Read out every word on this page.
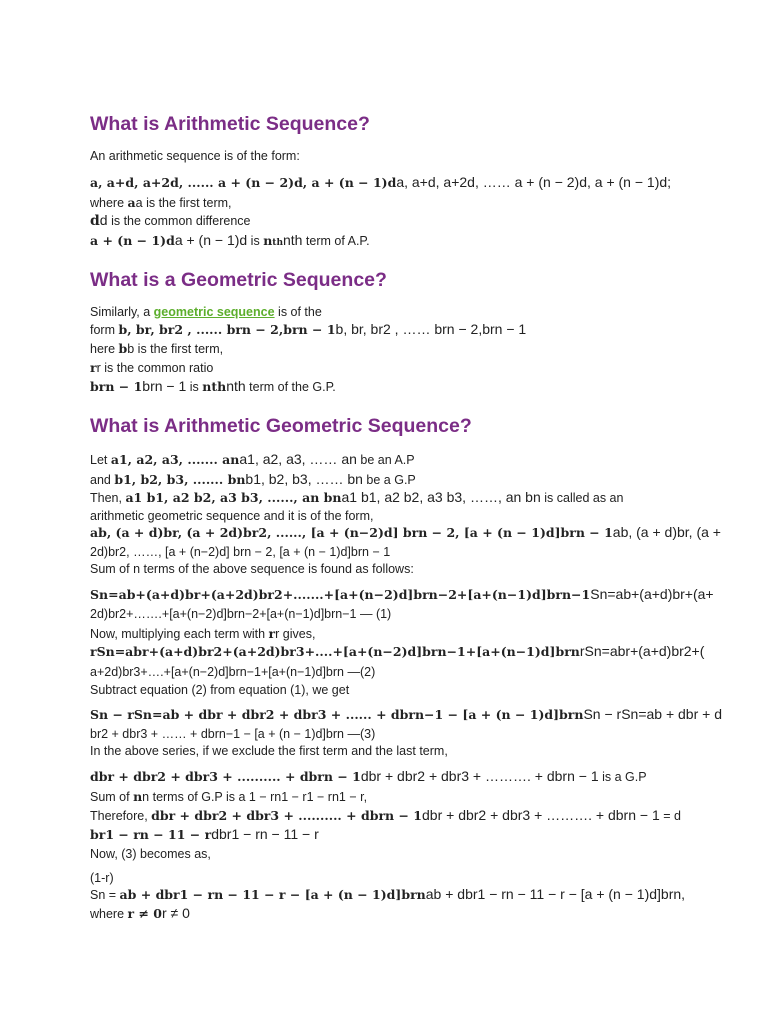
What is Arithmetic Sequence?
An arithmetic sequence is of the form:
a, a+d, a+2d, ...... a + (n − 2)d, a + (n − 1)da, a+d, a+2d, …… a + (n − 2)d, a + (n − 1)d;
where aa is the first term,
dd is the common difference
a + (n − 1)da + (n − 1)d is nthnth term of A.P.
What is a Geometric Sequence?
Similarly, a geometric sequence is of the
form b, br, br2 , ...... brn − 2,brn − 1b, br, br2 , …… brn − 2,brn − 1
here bb is the first term,
rr is the common ratio
brn − 1brn − 1 is nthnth term of the G.P.
What is Arithmetic Geometric Sequence?
Let a1, a2, a3, ....... ana1, a2, a3, …… an be an A.P
and b1, b2, b3, ....... bnb1, b2, b3, …… bn be a G.P
Then, a1 b1, a2 b2, a3 b3, ......, an bna1 b1, a2 b2, a3 b3, ……, an bn is called as an
arithmetic geometric sequence and it is of the form,
ab, (a + d)br, (a + 2d)br2, ......, [a + (n−2)d] brn − 2, [a + (n − 1)d]brn − 1ab, (a + d)br, (a +
2d)br2, ……, [a + (n−2)d] brn − 2, [a + (n − 1)d]brn − 1
Sum of n terms of the above sequence is found as follows:
Sn=ab+(a+d)br+(a+2d)br2+.......+[a+(n−2)d]brn−2+[a+(n−1)d]brn−1Sn=ab+(a+d)br+(a+
2d)br2+…….+[a+(n−2)d]brn−2+[a+(n−1)d]brn−1 — (1)
Now, multiplying each term with rr gives,
rSn=abr+(a+d)br2+(a+2d)br3+....+[a+(n−2)d]brn−1+[a+(n−1)d]brnrSn=abr+(a+d)br2+(
a+2d)br3+….+[a+(n−2)d]brn−1+[a+(n−1)d]brn —(2)
Subtract equation (2) from equation (1), we get
Sn − rSn=ab + dbr + dbr2 + dbr3 + ...... + dbrn−1 − [a + (n − 1)d]brnSn − rSn=ab + dbr + d
br2 + dbr3 + …… + dbrn−1 − [a + (n − 1)d]brn —(3)
In the above series, if we exclude the first term and the last term,
dbr + dbr2 + dbr3 + .......... + dbrn − 1dbr + dbr2 + dbr3 + ………. + dbrn − 1 is a G.P
Sum of nn terms of G.P is a 1 − rn1 − r1 − rn1 − r,
Therefore, dbr + dbr2 + dbr3 + .......... + dbrn − 1dbr + dbr2 + dbr3 + ………. + dbrn − 1 = d
br1 − rn − 11 − rdbr1 − rn − 11 − r
Now, (3) becomes as,
(1-r)
Sn = ab + dbr1 − rn − 11 − r − [a + (n − 1)d]brnab + dbr1 − rn − 11 − r − [a + (n − 1)d]brn,
where r ≠ 0r ≠ 0
